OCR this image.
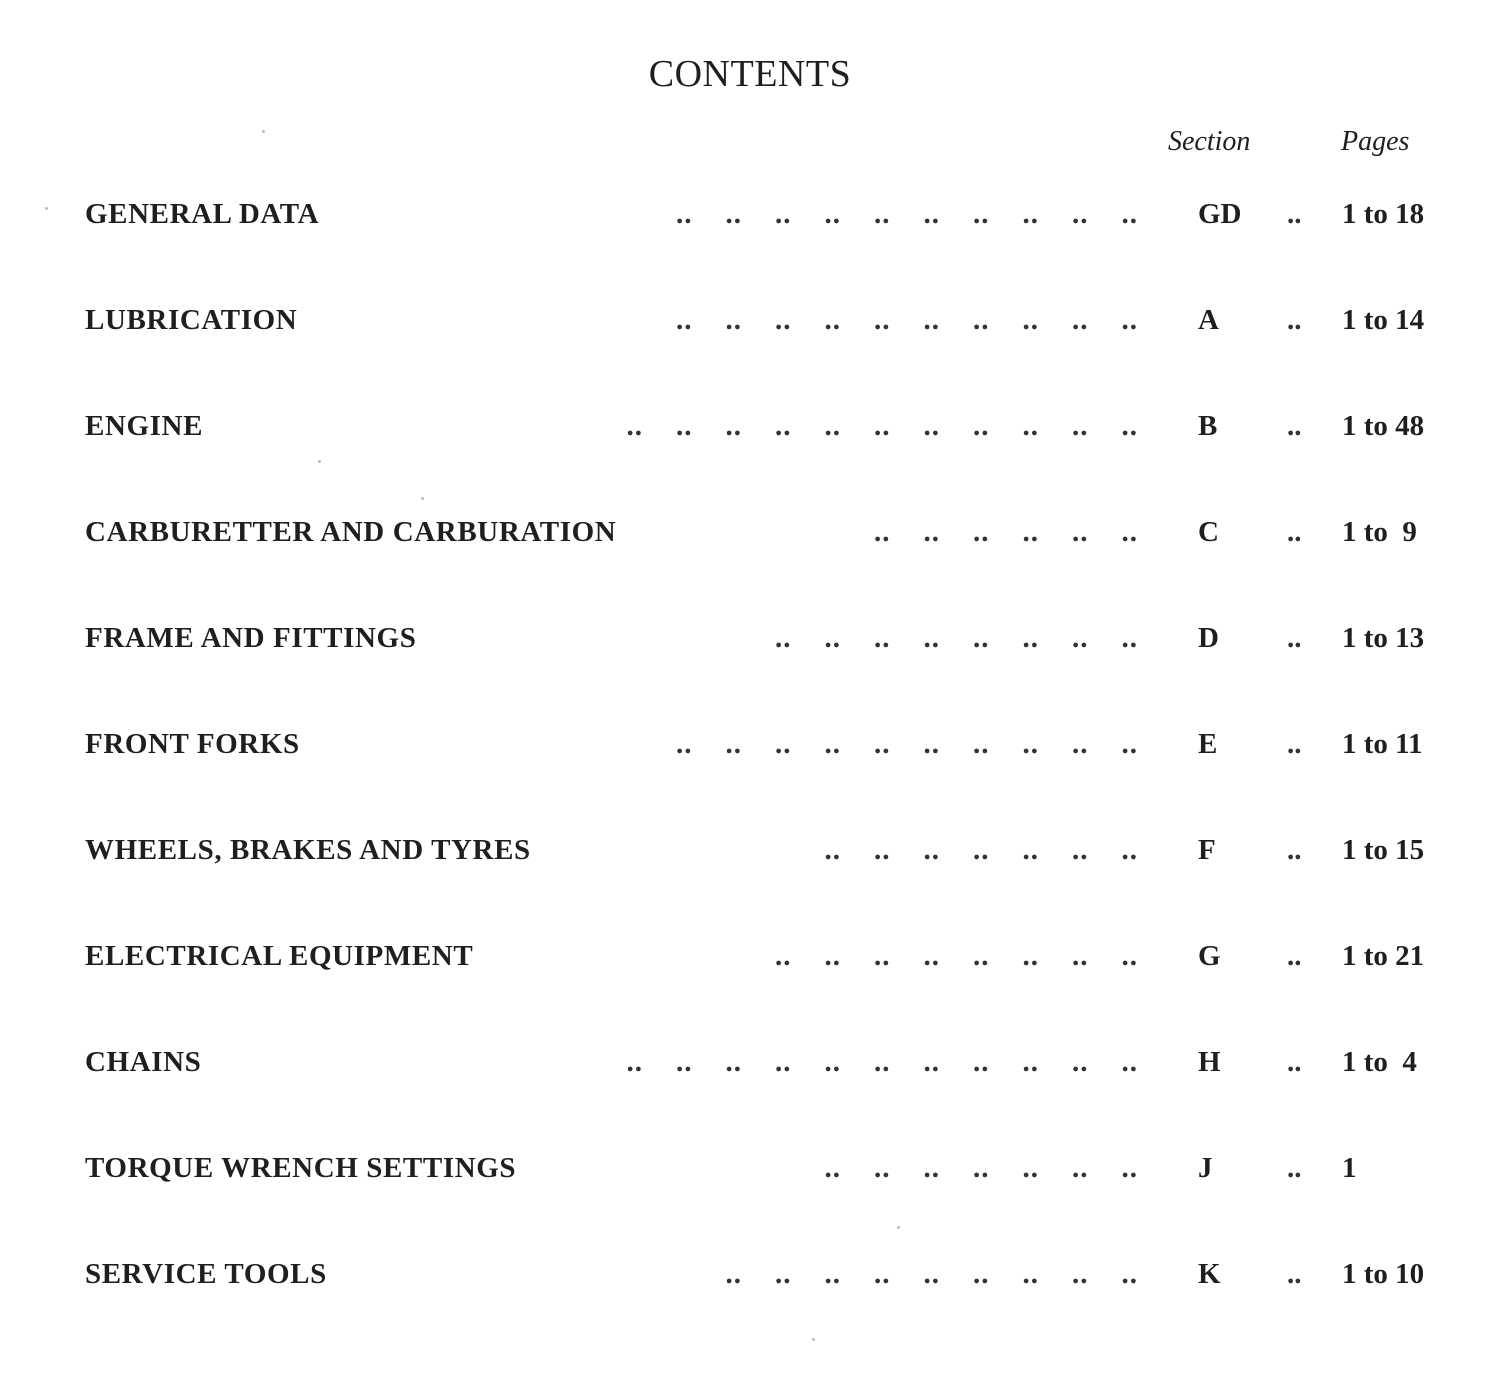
CONTENTS
Section	Pages
GENERAL DATA	..    ..    ..    ..    ..    ..    ..    ..    ..    .. GD .. 1 to 18
LUBRICATION	..    ..    ..    ..    ..    ..    ..    ..    ..    .. A .. 1 to 14
ENGINE	..    ..    ..    ..    ..    ..    ..    ..    ..    ..    .. B .. 1 to 48
CARBURETTER AND CARBURATION	..    ..    ..    ..    ..    .. C .. 1 to  9
FRAME AND FITTINGS	..    ..    ..    ..    ..    ..    ..    .. D .. 1 to 13
FRONT FORKS	..    ..    ..    ..    ..    ..    ..    ..    ..    .. E .. 1 to 11
WHEELS, BRAKES AND TYRES	..    ..    ..    ..    ..    ..    .. F .. 1 to 15
ELECTRICAL EQUIPMENT	..    ..    ..    ..    ..    ..    ..    .. G .. 1 to 21
CHAINS	..    ..    ..    ..    ..    ..    ..    ..    ..    ..    .. H .. 1 to  4
TORQUE WRENCH SETTINGS	..    ..    ..    ..    ..    ..    .. J	.. 1
SERVICE TOOLS	..    ..    ..    ..    ..    ..    ..    ..    .. K .. 1 to 10
